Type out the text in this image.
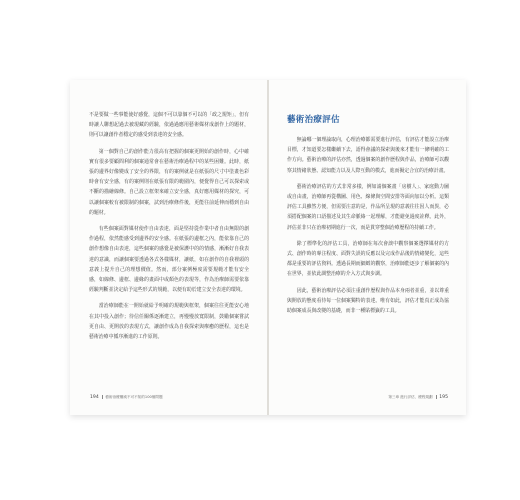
不是要做一些事能使好感覺，這個不可以靠個不可以的「政之規矩」，但有時讓人聯想起過去被現藏的經驗，依過過應用藝術媒材成創作上的題材，則可以讓創作者穩定的感受到表達的安全感。

第一個對自己的創作能力很高有把握的個案更開始的創作時，心中確實有很多要顧問利的個案通常會在藝術治療過程中的某些困難。此時，紙張的邊界好像變成了安全的界限，有的案例就是在紙張的尺寸中塗畫色彩時會有安全感，有的案例則在紙張有限的範圍內，便覺得自己可以探索或不斷的描繪線條。自己設立框架來確立安全感，真好應用媒材的探究，可以讓個案較有被限制的個案，試到治療條件後，更能往前延伸而穩到自由的題材。

有些個案面對媒材使作自由表達，面是堅持從作業中者自由無限的創作過程，依然能感受到邊界的安全感。在紙張的邊框之內，能依靠自己的創作想像自由表達，這些個案的感覺是被保護中的的情感，漸漸好自我表達的意識，而讓個案要透過各式各樣媒材，讓紙，如在創作的自我裡頭的意義上提升自己的理想價值。然而，部分案例極度需要規範才能有安全感，如線條、邊框、邊緣的畫面中或顏色的表現等，作為治療師需要依靠經驗判斷並決定給予這些形式的規範，以便有助於建立安全表達的環境。

當治療師能在一開始就給予明確的規範與框架，個案往往更能安心地在其中投入創作；待信任關係逐漸建立，再慢慢放寬限制，鼓勵個案嘗試更自由、更開放的表現方式，讓創作成為自我探索與療癒的歷程，這也是藝術治療中循序漸進的工作原則。

194 藝術治療權威不可不知的100個問題
藝術治療評估

無論哪一個理論取向，心理治療都需要進行評估，有評估才能設立治療目標，才知道要怎樣繼續下去，語得會議的探索與後來才能有一條明確的工作方向。藝術治療的評估亦然，透過個案的創作歷程與作品，治療師可以觀察其情緒狀態、認知能力以及人際互動的模式，進而擬定合宜的治療計畫。

藝術治療評估的方式非常多樣，例如請個案畫「房樹人」、家庭動力圖或自由畫，治療師再從構圖、用色、線條與空間安排等面向加以分析。這類評估工具雖然方便，但需要注意的是，作品所呈現的意義往往因人而異，必須搭配個案的口語描述及其生命脈絡一起理解，才能避免過度詮釋。此外，評估並非只在治療初期進行一次，而是貫穿整個治療歷程的持續工作。

除了標準化的評估工具，治療師在每次會談中觀察個案選擇媒材的方式、創作時的專注程度、面對失誤的反應以及完成作品後的情緒變化，這些都是重要的評估資料。透過長期而細緻的觀察，治療師能逐步了解個案的內在世界，並依此調整治療的介入方式與步調。

因此，藝術治療評估必須注重創作歷程與作品本身兩者並重，並以尊重與開放的態度看待每一位個案獨特的表達。唯有如此，評估才能真正成為協助個案成長與改變的基礎，而非一種貼標籤的工具。

第三章 進行評估、療程規劃 195
